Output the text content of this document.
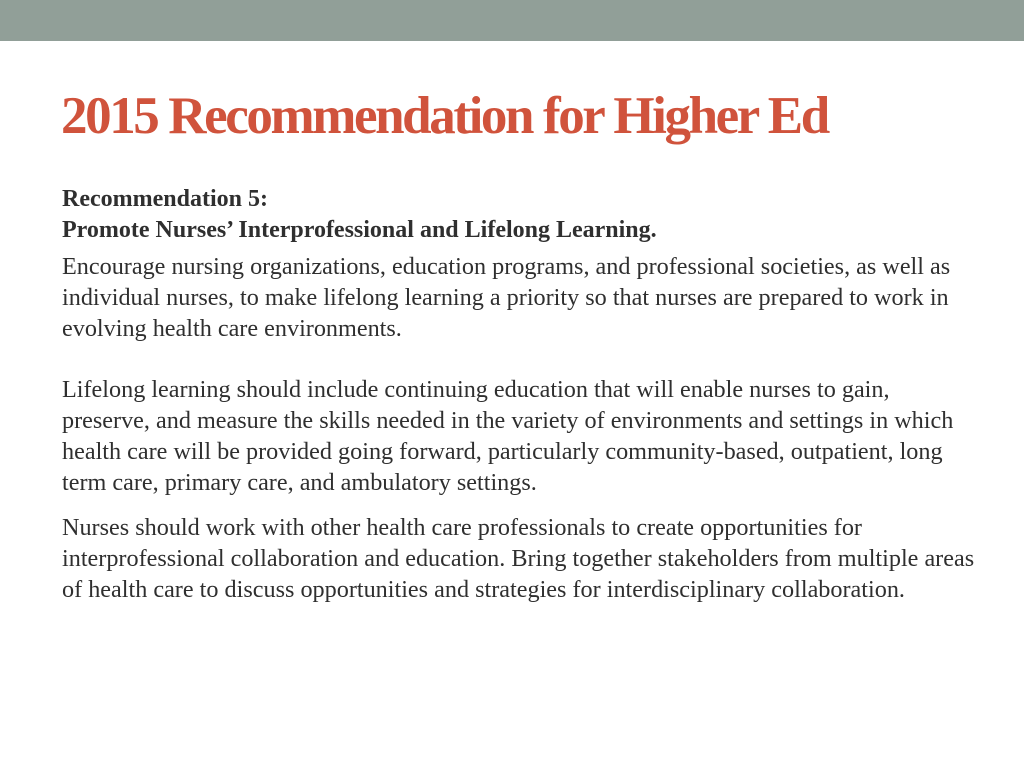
2015 Recommendation for Higher Ed

Recommendation 5:

Promote Nurses’ Interprofessional and Lifelong Learning.

Encourage nursing organizations, education programs, and professional societies, as well as individual nurses, to make lifelong learning a priority so that nurses are prepared to work in evolving health care environments.

Lifelong learning should include continuing education that will enable nurses to gain, preserve, and measure the skills needed in the variety of environments and settings in which health care will be provided going forward, particularly community-based, outpatient, long term care, primary care, and ambulatory settings.

Nurses should work with other health care professionals to create opportunities for interprofessional collaboration and education. Bring together stakeholders from multiple areas of health care to discuss opportunities and strategies for interdisciplinary collaboration.
